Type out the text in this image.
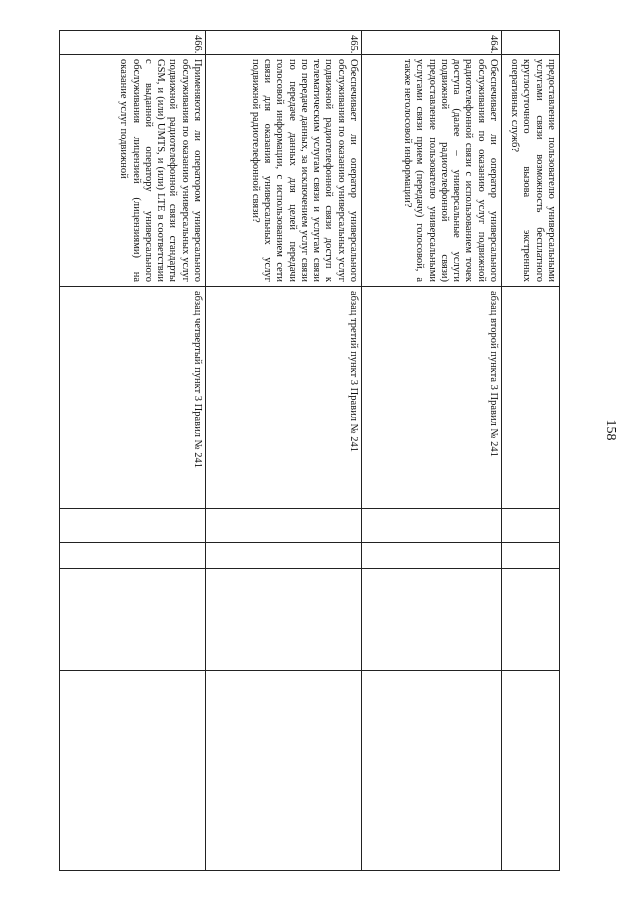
158
	предоставление пользователю универсальными услугами связи возможность бесплатного круглосуточного вызова экстренных оперативных служб?					
464.	Обеспечивает ли оператор универсального обслуживания по оказанию услуг подвижной радиотелефонной связи с использованием точек доступа (далее – универсальные услуги подвижной радиотелефонной связи) предоставление пользователю универсальными услугами связи прием (передачу) голосовой, а также неголосовой информации?	абзац второй пункта 3 Правил № 241				
465.	Обеспечивает ли оператор универсального обслуживания по оказанию универсальных услуг подвижной радиотелефонной связи доступ к телематическим услугам связи и услугам связи по передаче данных, за исключением услуг связи по передаче данных для целей передачи голосовой информации, с использованием сети связи для оказания универсальных услуг подвижной радиотелефонной связи?	абзац третий пункт 3 Правил № 241				
466.	Применяются ли оператором универсального обслуживания по оказанию универсальных услуг подвижной радиотелефонной связи стандарты GSM, и (или) UMTS, и (или) LTE в соответствии с выданной оператору универсального обслуживания лицензией (лицензиями) на оказание услуг подвижной	абзац четвертый пункт 3 Правил № 241				
